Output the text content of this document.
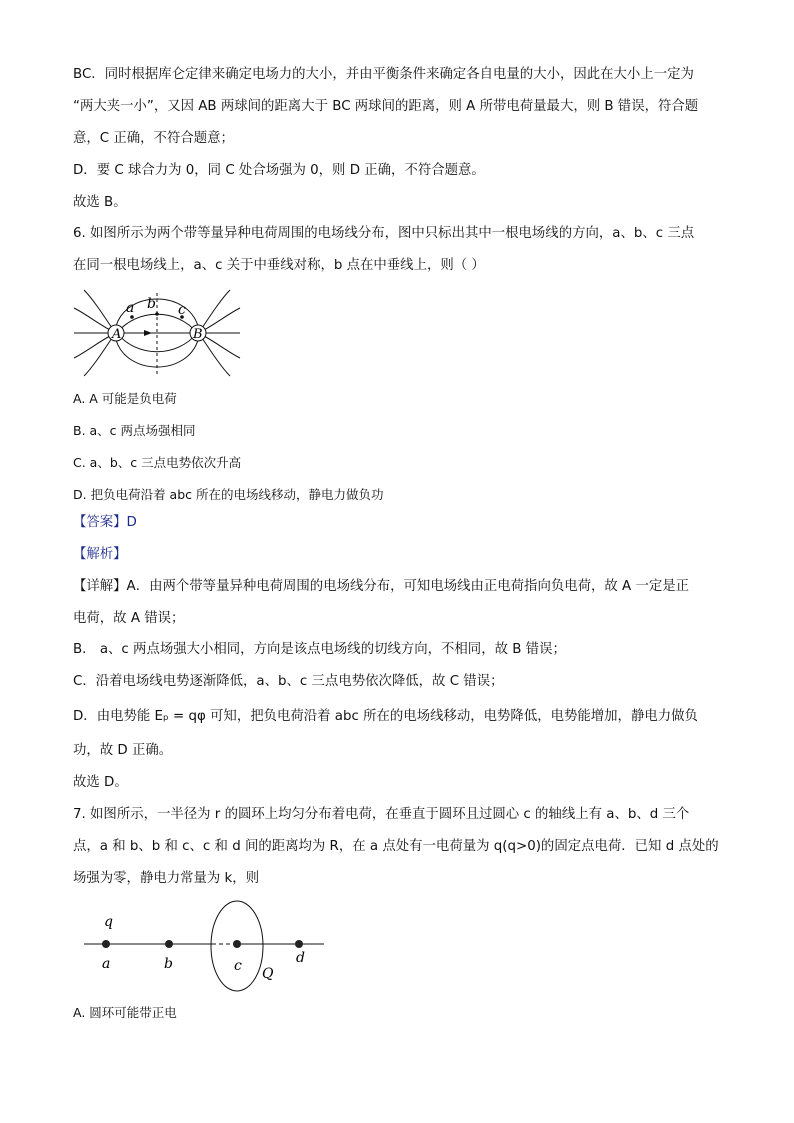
BC．同时根据库仑定律来确定电场力的大小，并由平衡条件来确定各自电量的大小，因此在大小上一定为
“两大夹一小”，又因 AB 两球间的距离大于 BC 两球间的距离，则 A 所带电荷量最大，则 B 错误，符合题
意，C 正确，不符合题意；
D．要 C 球合力为 0，同 C 处合场强为 0，则 D 正确，不符合题意。
故选 B。
6. 如图所示为两个带等量异种电荷周围的电场线分布，图中只标出其中一根电场线的方向，a、b、c 三点
在同一根电场线上，a、c 关于中垂线对称，b 点在中垂线上，则（ ）
A	B
a b c
A. A 可能是负电荷
B. a、c 两点场强相同
C. a、b、c 三点电势依次升高
D. 把负电荷沿着 abc 所在的电场线移动，静电力做负功
【答案】D
【解析】
【详解】A．由两个带等量异种电荷周围的电场线分布，可知电场线由正电荷指向负电荷，故 A 一定是正
电荷，故 A 错误；
B． a、c 两点场强大小相同，方向是该点电场线的切线方向，不相同，故 B 错误；
C．沿着电场线电势逐渐降低，a、b、c 三点电势依次降低，故 C 错误；
D．由电势能 Eₚ = qφ 可知，把负电荷沿着 abc 所在的电场线移动，电势降低，电势能增加，静电力做负
功，故 D 正确。
故选 D。
7. 如图所示，一半径为 r 的圆环上均匀分布着电荷，在垂直于圆环且过圆心 c 的轴线上有 a、b、d 三个
点，a 和 b、b 和 c、c 和 d 间的距离均为 R，在 a 点处有一电荷量为 q(q>0)的固定点电荷．已知 d 点处的
场强为零，静电力常量为 k，则
q
a	b	c Q
d
A. 圆环可能带正电
